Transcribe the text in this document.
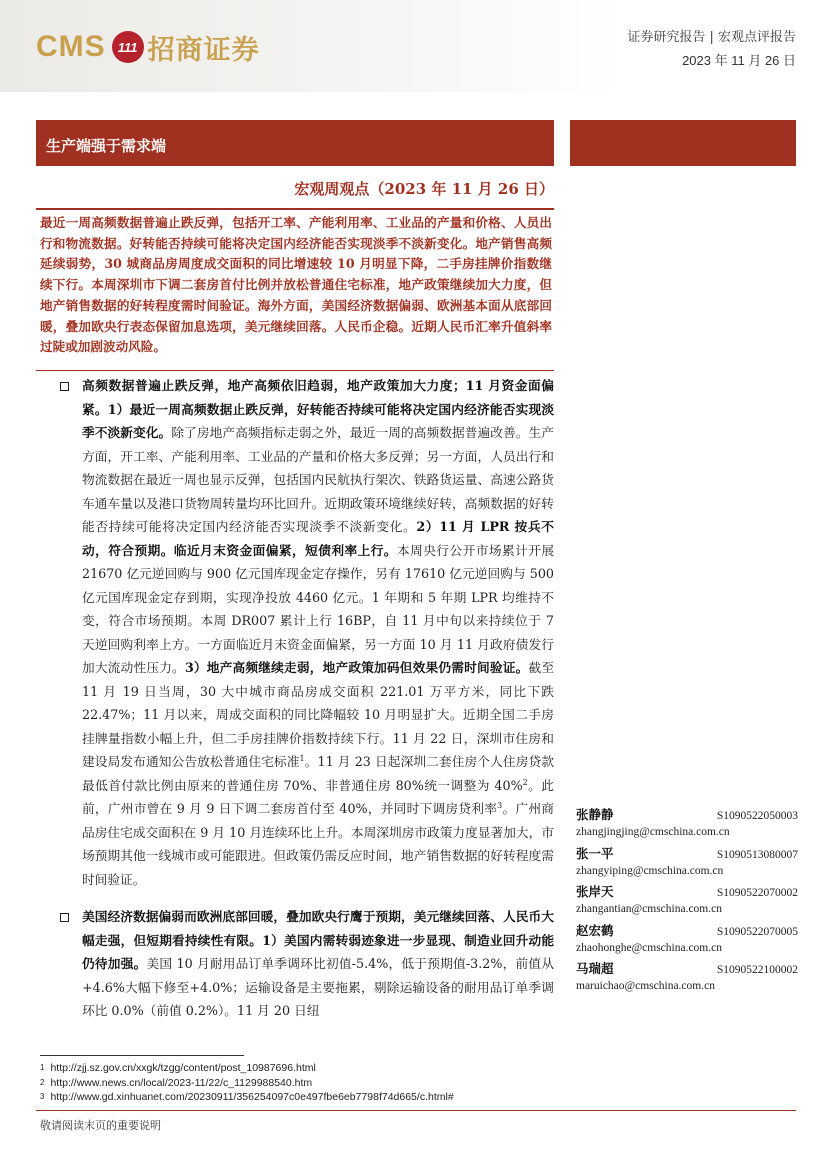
CMS 111 招商证券	证券研究报告 | 宏观点评报告
2023 年 11 月 26 日
生产端强于需求端
宏观周观点（2023 年 11 月 26 日）
最近一周高频数据普遍止跌反弹，包括开工率、产能利用率、工业品的产量和价格、人员出行和物流数据。好转能否持续可能将决定国内经济能否实现淡季不淡新变化。地产销售高频延续弱势，30 城商品房周度成交面积的同比增速较 10 月明显下降，二手房挂牌价指数继续下行。本周深圳市下调二套房首付比例并放松普通住宅标准，地产政策继续加大力度，但地产销售数据的好转程度需时间验证。海外方面，美国经济数据偏弱、欧洲基本面从底部回暖，叠加欧央行表态保留加息选项，美元继续回落。人民币企稳。近期人民币汇率升值斜率过陡或加剧波动风险。
高频数据普遍止跌反弹，地产高频依旧趋弱，地产政策加大力度；11 月资金面偏紧。1）最近一周高频数据止跌反弹，好转能否持续可能将决定国内经济能否实现淡季不淡新变化。除了房地产高频指标走弱之外，最近一周的高频数据普遍改善。生产方面，开工率、产能利用率、工业品的产量和价格大多反弹；另一方面，人员出行和物流数据在最近一周也显示反弹，包括国内民航执行架次、铁路货运量、高速公路货车通车量以及港口货物周转量均环比回升。近期政策环境继续好转，高频数据的好转能否持续可能将决定国内经济能否实现淡季不淡新变化。2）11 月 LPR 按兵不动，符合预期。临近月末资金面偏紧，短债利率上行。本周央行公开市场累计开展 21670 亿元逆回购与 900 亿元国库现金定存操作，另有 17610 亿元逆回购与 500 亿元国库现金定存到期，实现净投放 4460 亿元。1 年期和 5 年期 LPR 均维持不变，符合市场预期。本周 DR007 累计上行 16BP，自 11 月中旬以来持续位于 7 天逆回购利率上方。一方面临近月末资金面偏紧，另一方面 10 月 11 月政府债发行加大流动性压力。3）地产高频继续走弱，地产政策加码但效果仍需时间验证。截至 11 月 19 日当周，30 大中城市商品房成交面积 221.01 万平方米，同比下跌 22.47%；11 月以来，周成交面积的同比降幅较 10 月明显扩大。近期全国二手房挂牌量指数小幅上升，但二手房挂牌价指数持续下行。11 月 22 日，深圳市住房和建设局发布通知公告放松普通住宅标准$^1$。11 月 23 日起深圳二套住房个人住房贷款最低首付款比例由原来的普通住房 70%、非普通住房 80%统一调整为 40%$^2$。此前，广州市曾在 9 月 9 日下调二套房首付至 40%，并同时下调房贷利率$^3$。广州商品房住宅成交面积在 9 月 10 月连续环比上升。本周深圳房市政策力度显著加大，市场预期其他一线城市或可能跟进。但政策仍需反应时间，地产销售数据的好转程度需时间验证。
美国经济数据偏弱而欧洲底部回暖，叠加欧央行鹰于预期，美元继续回落、人民币大幅走强，但短期看持续性有限。1）美国内需转弱迹象进一步显现、制造业回升动能仍待加强。美国 10 月耐用品订单季调环比初值-5.4%，低于预期值-3.2%，前值从+4.6%大幅下修至+4.0%；运输设备是主要拖累，剔除运输设备的耐用品订单季调环比 0.0%（前值 0.2%）。11 月 20 日纽
张静静	S1090522050003
zhangjingjing@cmschina.com.cn
张一平	S1090513080007
zhangyiping@cmschina.com.cn
张岸天	S1090522070002
zhangantian@cmschina.com.cn
赵宏鹤	S1090522070005
zhaohonghe@cmschina.com.cn
马瑞超	S1090522100002
maruichao@cmschina.com.cn
$^1$ http://zjj.sz.gov.cn/xxgk/tzgg/content/post_10987696.html
$^2$ http://www.news.cn/local/2023-11/22/c_1129988540.htm
$^3$ http://www.gd.xinhuanet.com/20230911/356254097c0e497fbe6eb7798f74d665/c.html#
敬请阅读末页的重要说明
